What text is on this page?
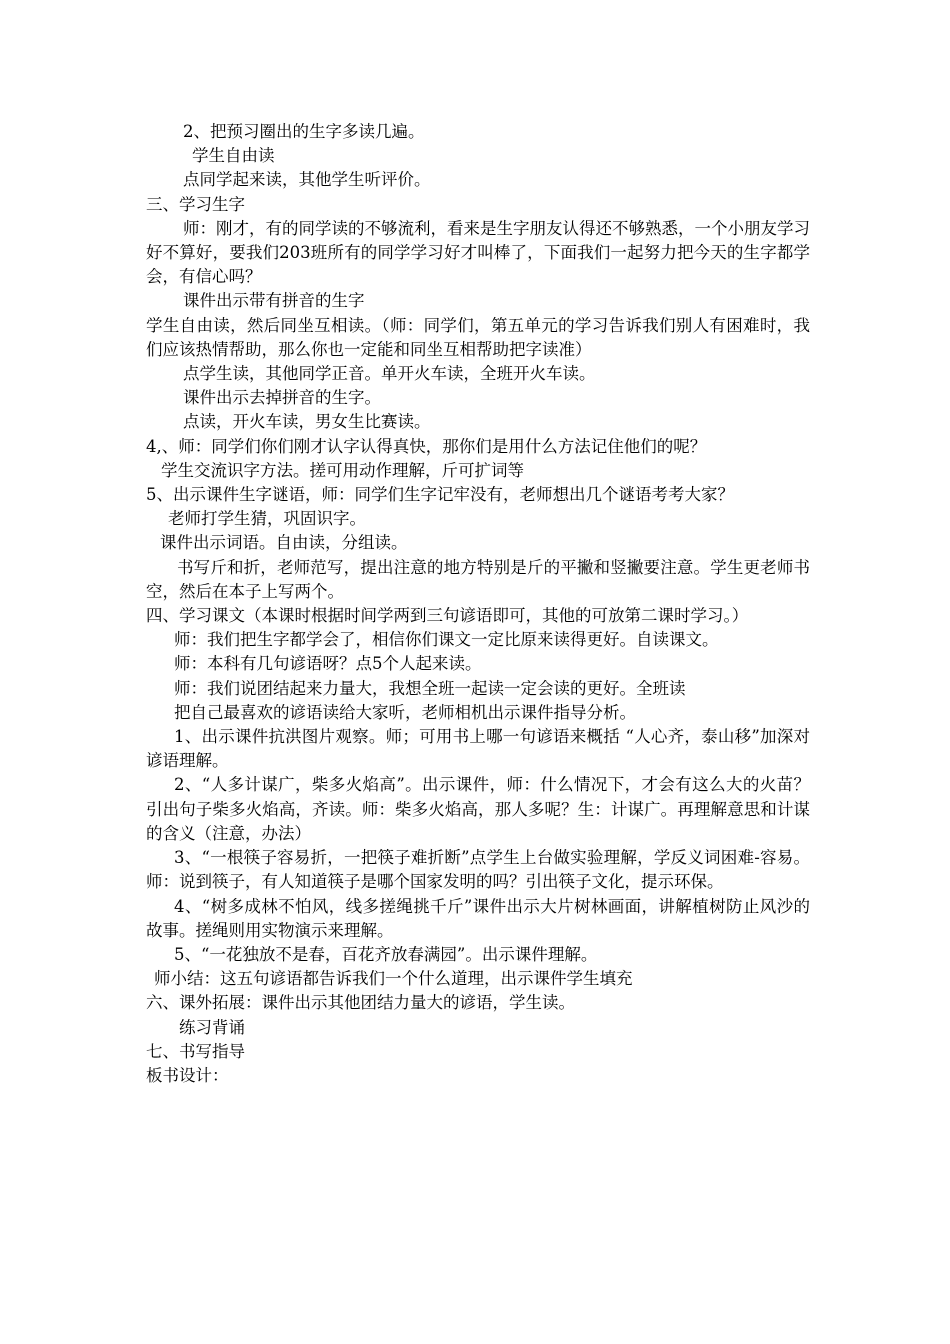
2、把预习圈出的生字多读几遍。

学生自由读

点同学起来读，其他学生听评价。

三、学习生字

师：刚才，有的同学读的不够流利，看来是生字朋友认得还不够熟悉，一个小朋友学习好不算好，要我们203班所有的同学学习好才叫棒了，下面我们一起努力把今天的生字都学会，有信心吗？

课件出示带有拼音的生字

学生自由读，然后同坐互相读。（师：同学们，第五单元的学习告诉我们别人有困难时，我们应该热情帮助，那么你也一定能和同坐互相帮助把字读准）

点学生读，其他同学正音。单开火车读，全班开火车读。

课件出示去掉拼音的生字。

点读，开火车读，男女生比赛读。

4,、师：同学们你们刚才认字认得真快，那你们是用什么方法记住他们的呢？

学生交流识字方法。搓可用动作理解，斤可扩词等

5、出示课件生字谜语，师：同学们生字记牢没有，老师想出几个谜语考考大家？

老师打学生猜，巩固识字。

课件出示词语。自由读，分组读。

书写斤和折，老师范写，提出注意的地方特别是斤的平撇和竖撇要注意。学生更老师书空，然后在本子上写两个。

四、学习课文（本课时根据时间学两到三句谚语即可，其他的可放第二课时学习。）

师：我们把生字都学会了，相信你们课文一定比原来读得更好。自读课文。

师：本科有几句谚语呀？点5个人起来读。

师：我们说团结起来力量大，我想全班一起读一定会读的更好。全班读

把自己最喜欢的谚语读给大家听，老师相机出示课件指导分析。

1、出示课件抗洪图片观察。师；可用书上哪一句谚语来概括 “人心齐，泰山移”加深对谚语理解。

2、“人多计谋广，柴多火焰高”。出示课件，师：什么情况下，才会有这么大的火苗？引出句子柴多火焰高，齐读。师：柴多火焰高，那人多呢？生：计谋广。再理解意思和计谋的含义（注意，办法）

3、“一根筷子容易折，一把筷子难折断”点学生上台做实验理解，学反义词困难-容易。师：说到筷子，有人知道筷子是哪个国家发明的吗？引出筷子文化，提示环保。

4、“树多成林不怕风，线多搓绳挑千斤”课件出示大片树林画面，讲解植树防止风沙的故事。搓绳则用实物演示来理解。

5、“一花独放不是春，百花齐放春满园”。出示课件理解。

师小结：这五句谚语都告诉我们一个什么道理，出示课件学生填充

六、课外拓展：课件出示其他团结力量大的谚语，学生读。

练习背诵

七、书写指导

板书设计：
